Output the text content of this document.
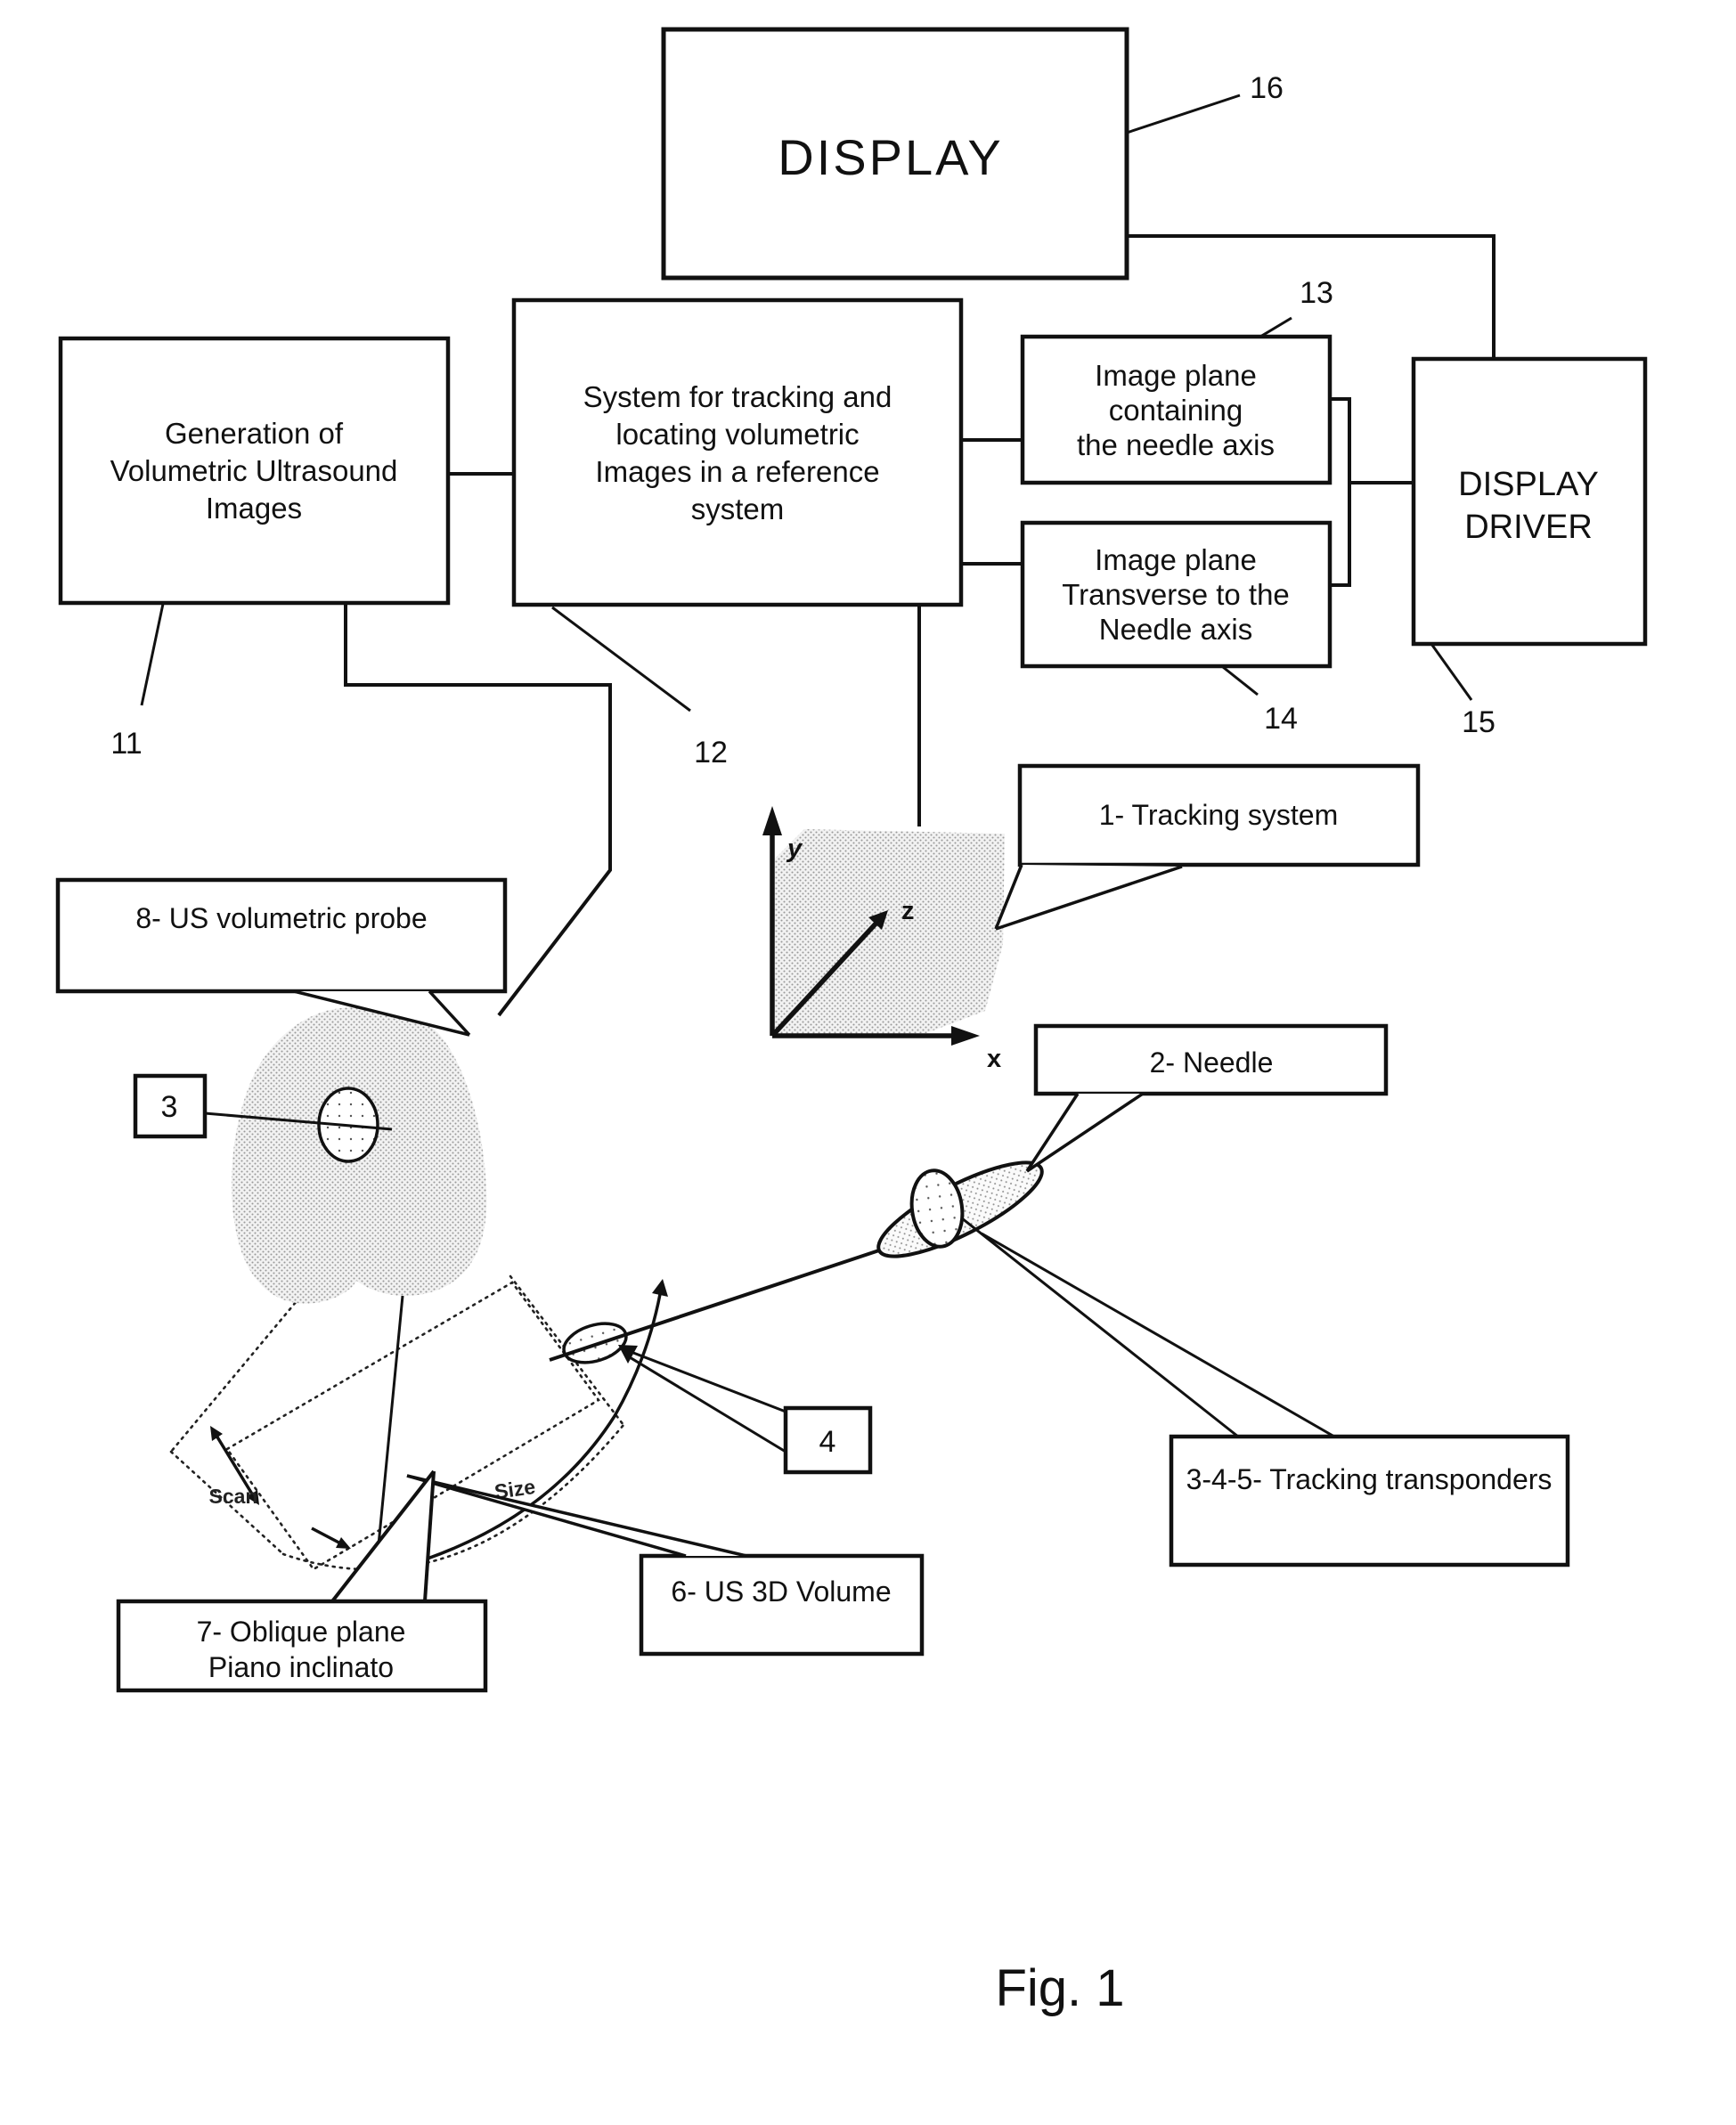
Scan	Size
y
x
z
DISPLAY
Generation of
Volumetric Ultrasound
Images
System for tracking and
locating volumetric
Images in a reference
system
Image plane
containing
the needle axis
Image plane
Transverse to the
Needle axis
DISPLAY
DRIVER
16
11	12
13
14	15
8- US volumetric probe
1- Tracking system
2- Needle
3
4
3-4-5- Tracking transponders
6- US 3D Volume
7- Oblique plane
Piano inclinato
Fig. 1
